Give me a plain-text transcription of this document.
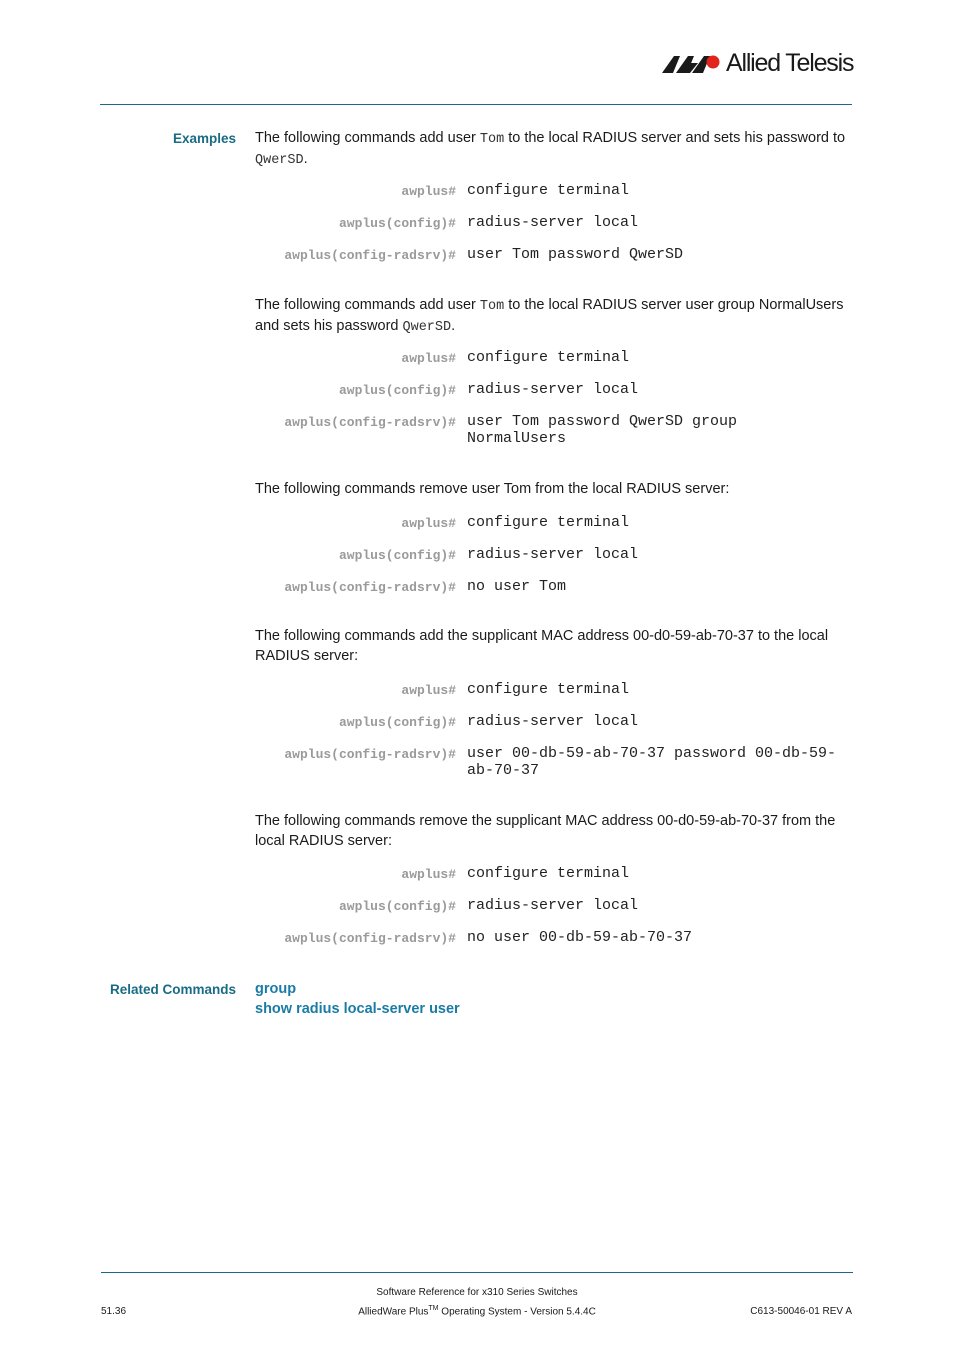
Allied Telesis
Examples The following commands add user Tom to the local RADIUS server and sets his password to QwerSD.
awplus# configure terminal
awplus(config)# radius-server local
awplus(config-radsrv)# user Tom password QwerSD
The following commands add user Tom to the local RADIUS server user group NormalUsers and sets his password QwerSD.
awplus# configure terminal
awplus(config)# radius-server local
awplus(config-radsrv)# user Tom password QwerSD group NormalUsers
The following commands remove user Tom from the local RADIUS server:
awplus# configure terminal
awplus(config)# radius-server local
awplus(config-radsrv)# no user Tom
The following commands add the supplicant MAC address 00-d0-59-ab-70-37 to the local RADIUS server:
awplus# configure terminal
awplus(config)# radius-server local
awplus(config-radsrv)# user 00-db-59-ab-70-37 password 00-db-59-ab-70-37
The following commands remove the supplicant MAC address 00-d0-59-ab-70-37 from the local RADIUS server:
awplus# configure terminal
awplus(config)# radius-server local
awplus(config-radsrv)# no user 00-db-59-ab-70-37
Related Commands group
show radius local-server user
Software Reference for x310 Series Switches
AlliedWare Plus™ Operating System - Version 5.4.4C
51.36	C613-50046-01 REV A
